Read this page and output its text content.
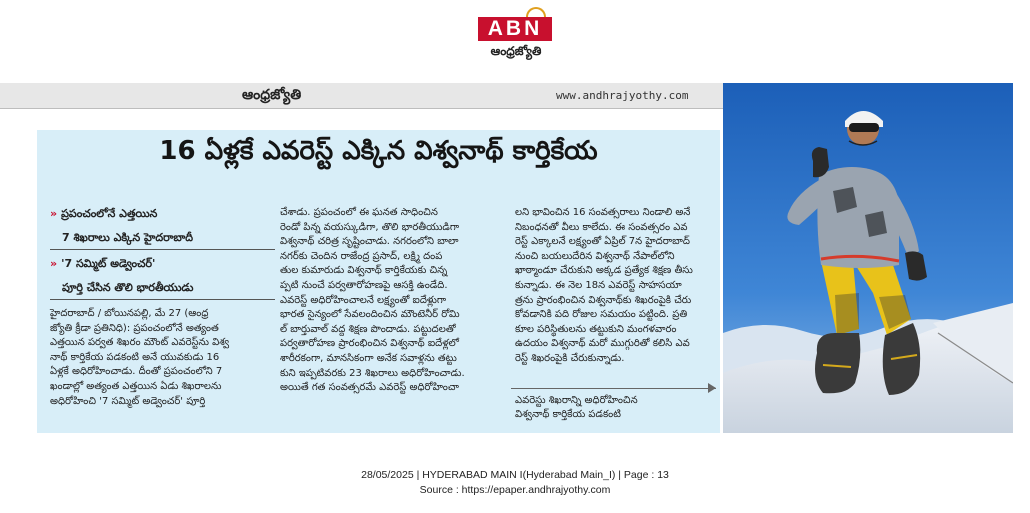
ABN
ఆంధ్రజ్యోతి
ఆంధ్రజ్యోతి	www.andhrajyothy.com
16 ఏళ్లకే ఎవరెస్ట్ ఎక్కిన విశ్వనాథ్ కార్తికేయ
» ప్రపంచంలోనే ఎత్తయిన
7 శిఖరాలు ఎక్కిన హైదరాబాదీ
» '7 సమ్మిట్ అడ్వెంచర్'
పూర్తి చేసిన తొలి భారతీయుడు

హైదరాబాద్ / బోయినపల్లి, మే 27 (ఆంధ్ర

జ్యోతి క్రీడా ప్రతినిధి): ప్రపంచంలోనే అత్యంత

ఎత్తయిన పర్వత శిఖరం మౌంట్ ఎవరెస్ట్‌ను విశ్వ

నాథ్ కార్తికేయ పడకంటి అనే యువకుడు 16

ఏళ్లకే అధిరోహించాడు. దీంతో ప్రపంచంలోని 7

ఖండాల్లో అత్యంత ఎత్తయిన ఏడు శిఖరాలను

అధిరోహించి '7 సమ్మిట్ అడ్వెంచర్' పూర్తి

చేశాడు. ప్రపంచంలో ఈ ఘనత సాధించిన

రెండో పిన్న వయస్కుడిగా, తొలి భారతీయుడిగా

విశ్వనాథ్ చరిత్ర సృష్టించాడు. నగరంలోని బాలా

నగర్‌కు చెందిన రాజేంద్ర ప్రసాద్, లక్ష్మి దంప

తుల కుమారుడు విశ్వనాథ్ కార్తికేయకు చిన్న

ప్పటి నుంచే పర్వతారోహణపై ఆసక్తి ఉండేది.

ఎవరెస్ట్ అధిరోహించాలనే లక్ష్యంతో ఐదేళ్లుగా

భారత సైన్యంలో సేవలందించిన మౌంటెనీర్ రోమి

ల్ బార్తువాల్ వద్ద శిక్షణ పొందాడు. పట్టుదలతో

పర్వతారోహణ ప్రారంభించిన విశ్వనాథ్ ఐదేళ్లలో

శారీరకంగా, మానసికంగా అనేక సవాళ్లను తట్టు

కుని ఇప్పటివరకు 23 శిఖరాలు అధిరోహించాడు.

అయితే గత సంవత్సరమే ఎవరెస్ట్ అధిరోహించా

లని భావించిన 16 సంవత్సరాలు నిండాలి అనే

నిబంధనతో వీలు కాలేదు. ఈ సంవత్సరం ఎవ

రెస్ట్ ఎక్కాలనే లక్ష్యంతో ఏప్రిల్ 7న హైదరాబాద్

నుంచి బయలుదేరిన విశ్వనాథ్ నేపాల్‌లోని

ఖాఠ్మాండూ చేరుకుని అక్కడ ప్రత్యేక శిక్షణ తీసు

కున్నాడు. ఈ నెల 18న ఎవరెస్ట్ సాహసయా

త్రను ప్రారంభించిన విశ్వనాథ్‌కు శిఖరంపైకి చేరు

కోవడానికి పది రోజుల సమయం పట్టింది. ప్రతి

కూల పరిస్థితులను తట్టుకుని మంగళవారం

ఉదయం విశ్వనాథ్ మరో ముగ్గురితో కలిసి ఎవ

రెస్ట్ శిఖరంపైకి చేరుకున్నాడు.

ఎవరెస్టు శిఖరాన్ని అధిరోహించిన

విశ్వనాథ్ కార్తికేయ పడకంటి

28/05/2025 | HYDERABAD MAIN I(Hyderabad Main_I) | Page : 13
Source : https://epaper.andhrajyothy.com
